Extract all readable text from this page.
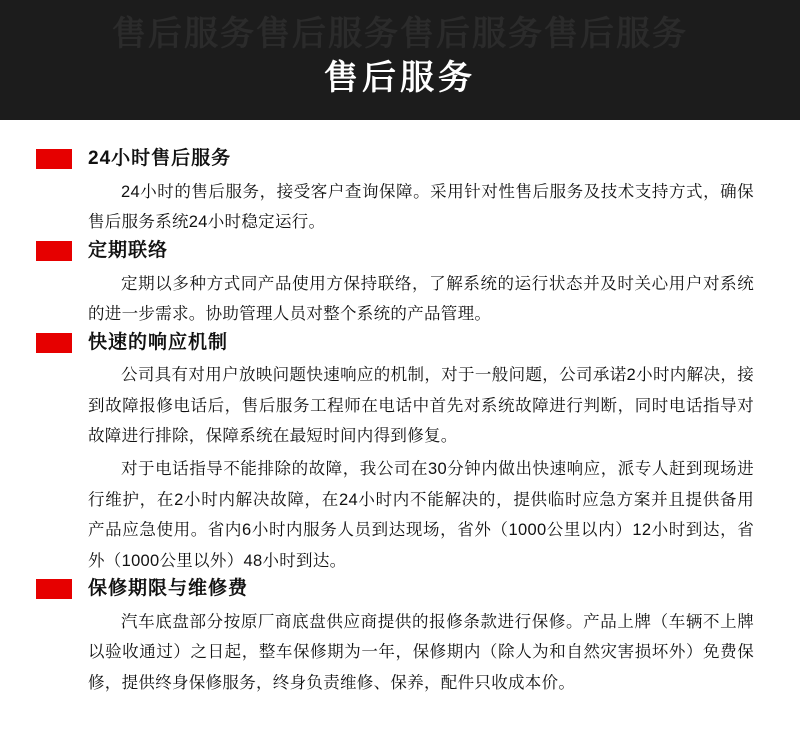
售后服务售后服务售后服务售后服务
售后服务
24小时售后服务

24小时的售后服务，接受客户查询保障。采用针对性售后服务及技术支持方式，确保售后服务系统24小时稳定运行。

定期联络

定期以多种方式同产品使用方保持联络，了解系统的运行状态并及时关心用户对系统的进一步需求。协助管理人员对整个系统的产品管理。

快速的响应机制

公司具有对用户放映问题快速响应的机制，对于一般问题，公司承诺2小时内解决，接到故障报修电话后，售后服务工程师在电话中首先对系统故障进行判断，同时电话指导对故障进行排除，保障系统在最短时间内得到修复。

对于电话指导不能排除的故障，我公司在30分钟内做出快速响应，派专人赶到现场进行维护，在2小时内解决故障，在24小时内不能解决的，提供临时应急方案并且提供备用产品应急使用。省内6小时内服务人员到达现场，省外（1000公里以内）12小时到达，省外（1000公里以外）48小时到达。

保修期限与维修费

汽车底盘部分按原厂商底盘供应商提供的报修条款进行保修。产品上牌（车辆不上牌以验收通过）之日起，整车保修期为一年，保修期内（除人为和自然灾害损坏外）免费保修，提供终身保修服务，终身负责维修、保养，配件只收成本价。
